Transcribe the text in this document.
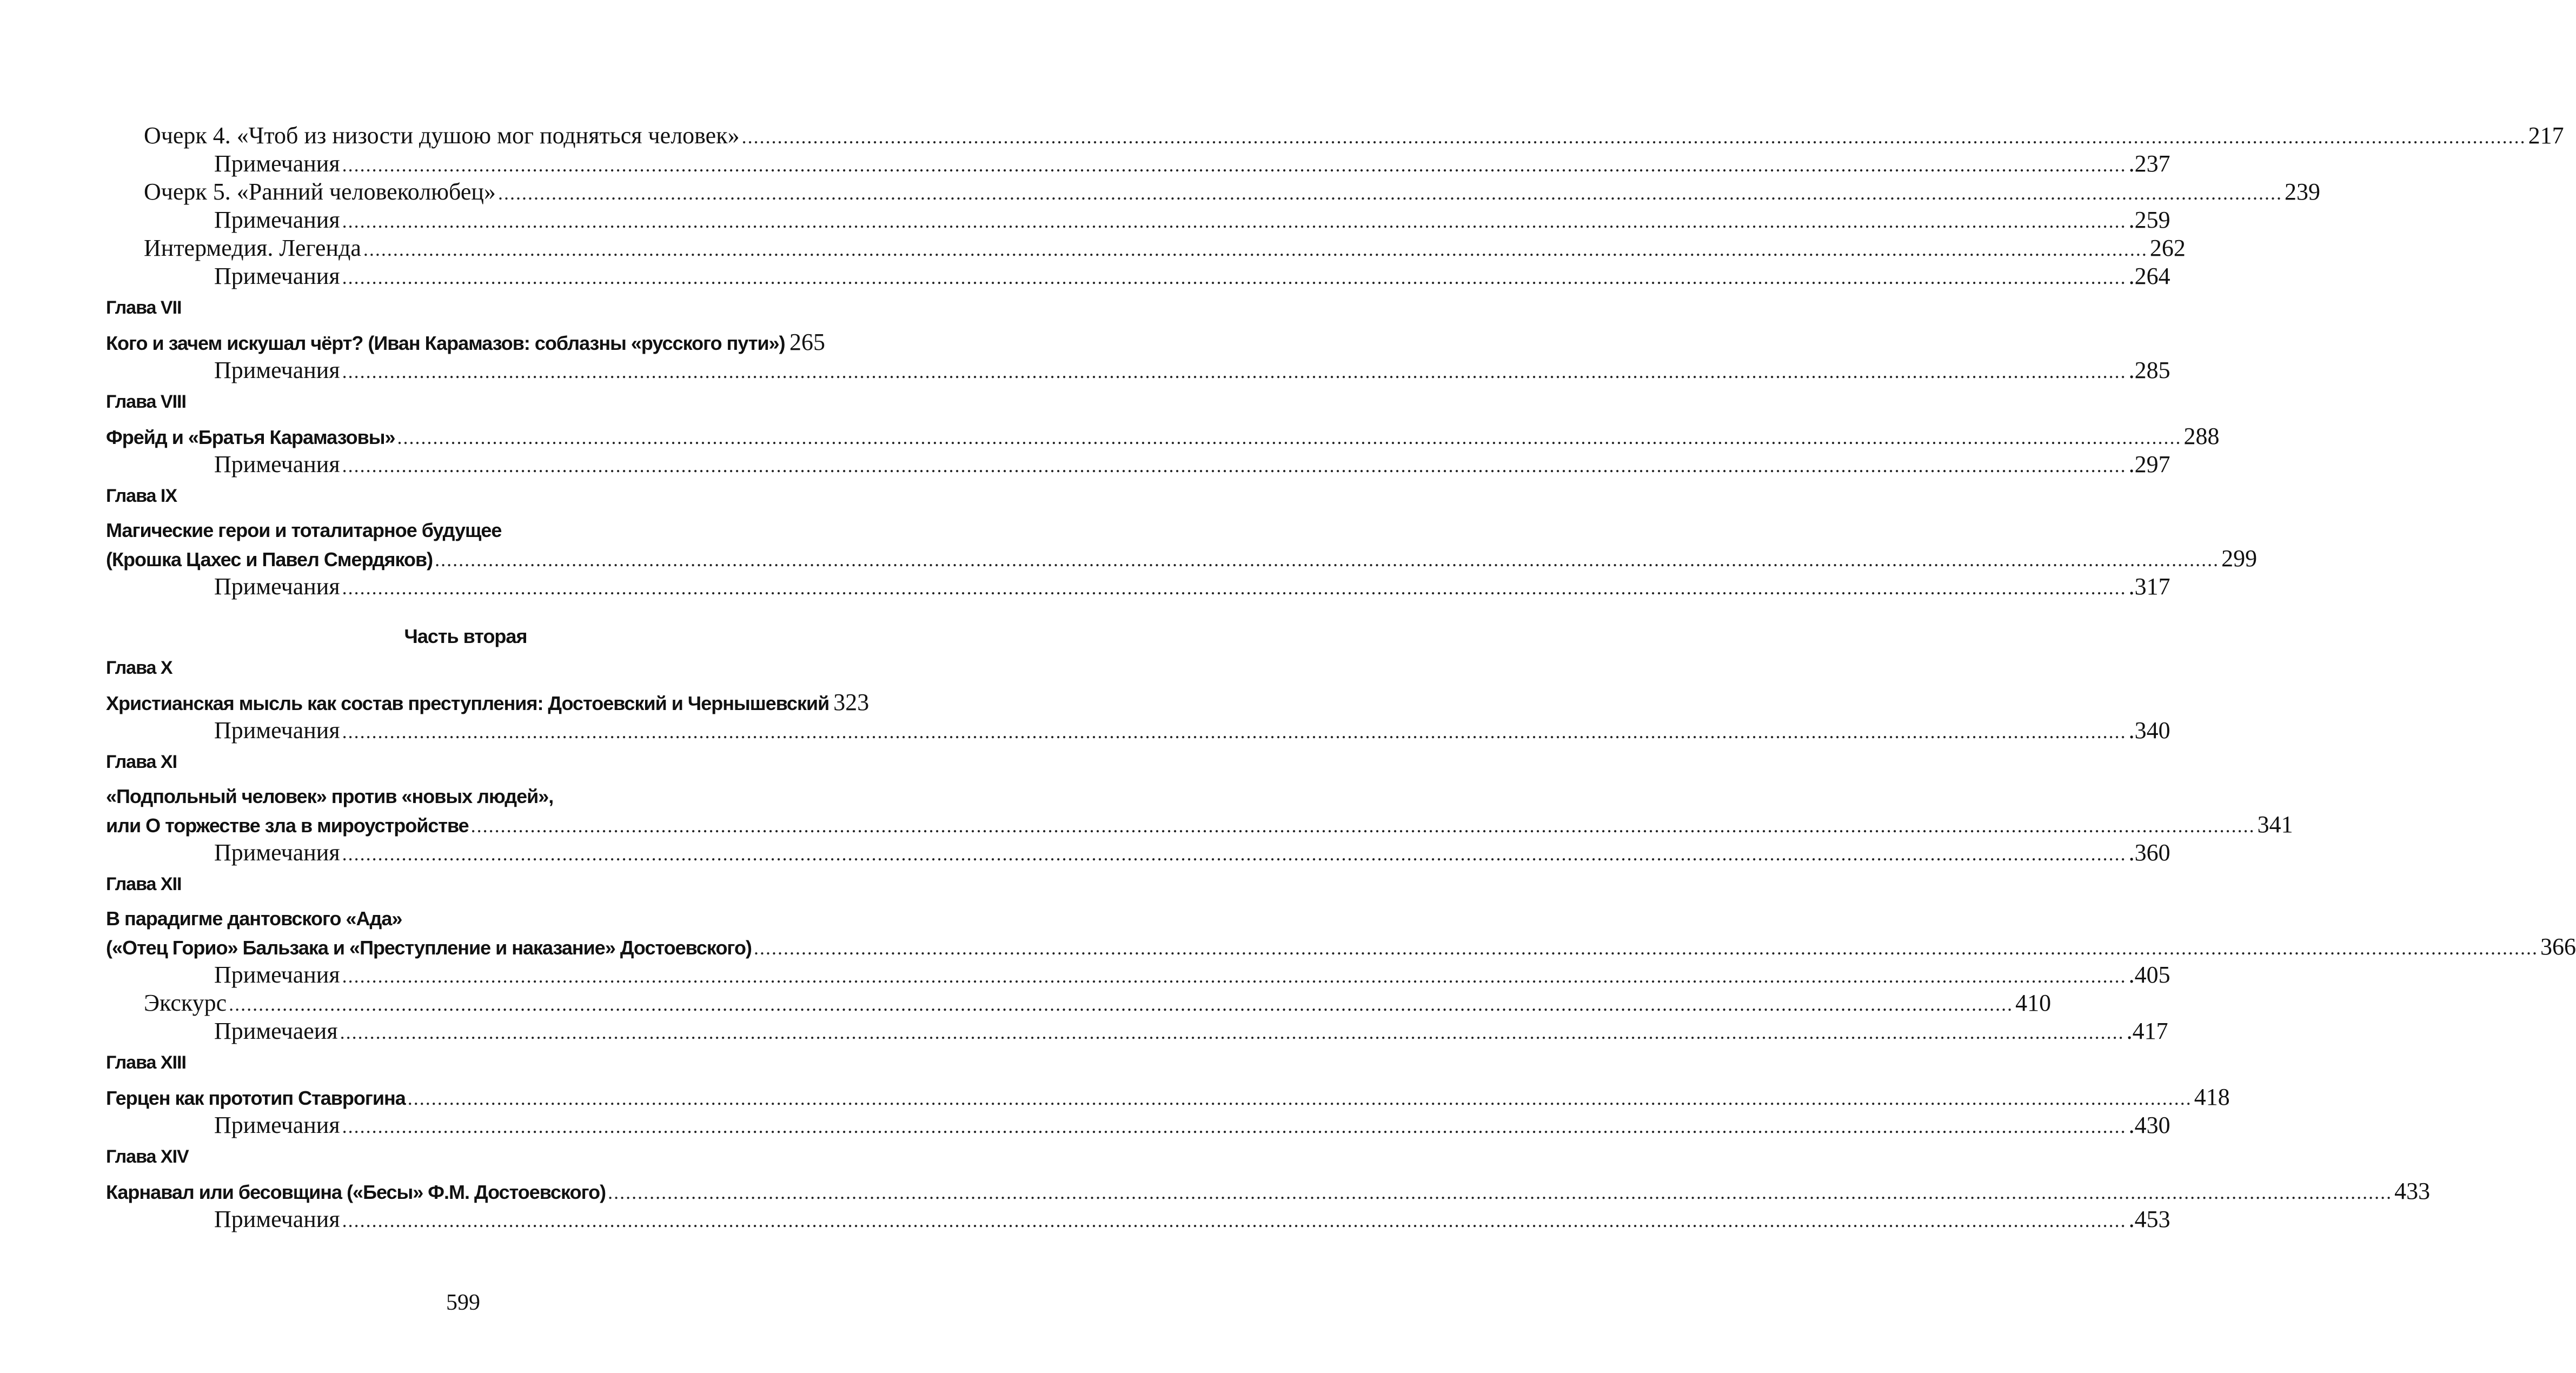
Очерк 4. «Чтоб из низости душою мог подняться человек» ............................................................................................................................................................................................................................................................................................................ 217
Примечания ............................................................................................................................................................................................................................................................................................................ .237
Очерк 5. «Ранний человеколюбец» ............................................................................................................................................................................................................................................................................................................ 239
Примечания ............................................................................................................................................................................................................................................................................................................ .259
Интермедия. Легенда ............................................................................................................................................................................................................................................................................................................ 262
Примечания ............................................................................................................................................................................................................................................................................................................ .264
Глава VII
Кого и зачем искушал чёрт? (Иван Карамазов: соблазны «русского пути») 265
Примечания ............................................................................................................................................................................................................................................................................................................ .285
Глава VIII
Фрейд и «Братья Карамазовы» ............................................................................................................................................................................................................................................................................................................ 288
Примечания ............................................................................................................................................................................................................................................................................................................ .297
Глава IX
Магические герои и тоталитарное будущее
(Крошка Цахес и Павел Смердяков) ............................................................................................................................................................................................................................................................................................................ 299
Примечания ............................................................................................................................................................................................................................................................................................................ .317
Часть вторая
Глава X
Христианская мысль как состав преступления: Достоевский и Чернышевский 323
Примечания ............................................................................................................................................................................................................................................................................................................ .340
Глава XI
«Подпольный человек» против «новых людей»,
или О торжестве зла в мироустройстве ............................................................................................................................................................................................................................................................................................................ 341
Примечания ............................................................................................................................................................................................................................................................................................................ .360
Глава XII
В парадигме дантовского «Ада»
(«Отец Горио» Бальзака и «Преступление и наказание» Достоевского) ............................................................................................................................................................................................................................................................................................................ 366
Примечания ............................................................................................................................................................................................................................................................................................................ .405
Экскурс ............................................................................................................................................................................................................................................................................................................ 410
Примечаеия ............................................................................................................................................................................................................................................................................................................ .417
Глава XIII
Герцен как прототип Ставрогина ............................................................................................................................................................................................................................................................................................................ 418
Примечания ............................................................................................................................................................................................................................................................................................................ .430
Глава XIV
Карнавал или бесовщина («Бесы» Ф.М. Достоевского) ............................................................................................................................................................................................................................................................................................................ 433
Примечания ............................................................................................................................................................................................................................................................................................................ .453
599
